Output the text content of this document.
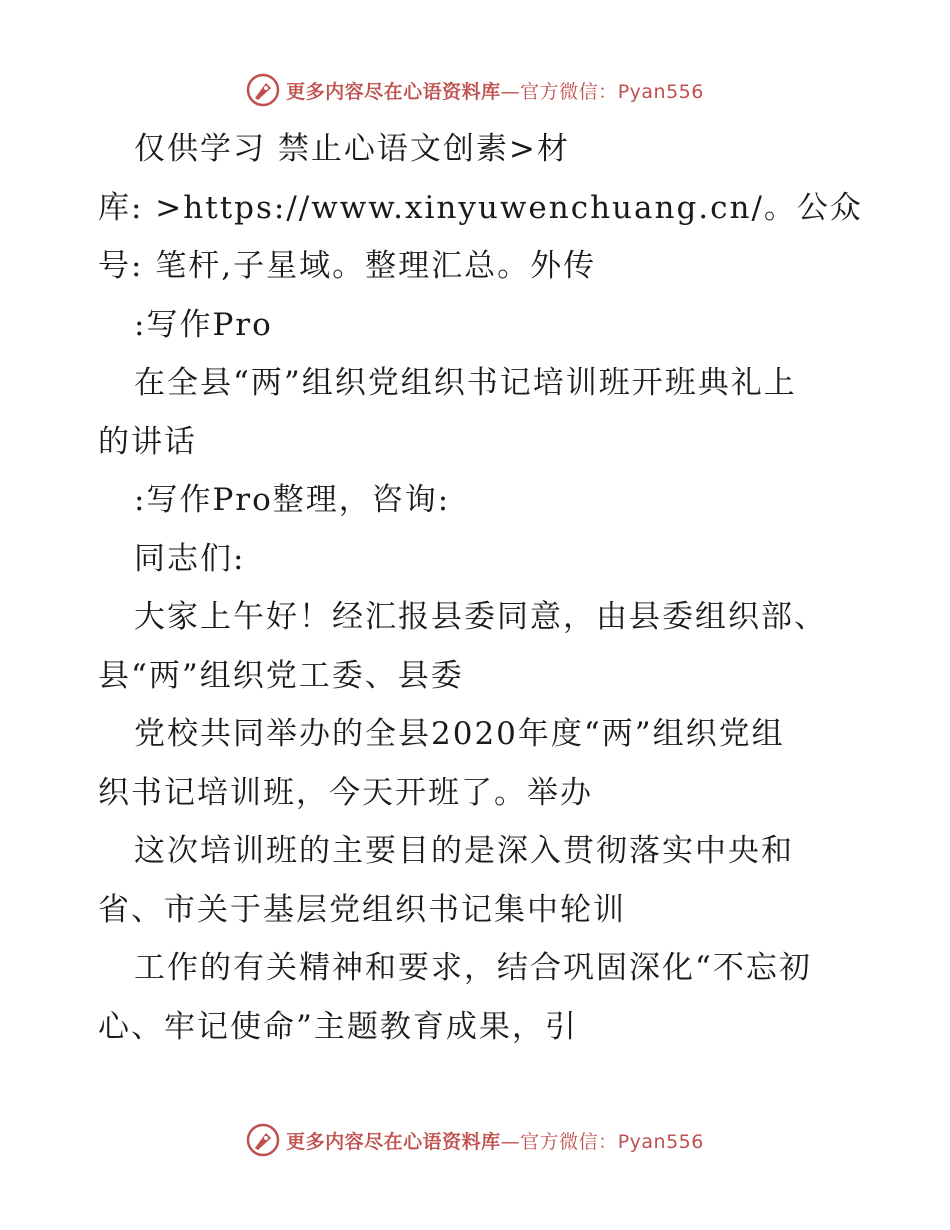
更多内容尽在心语资料库—官方微信：Pyan556
仅供学习 禁止心语文创素>材
库: >https://www.xinyuwenchuang.cn/。公众
号: 笔杆,子星域。整理汇总。外传
:写作Pro
在全县“两”组织党组织书记培训班开班典礼上
的讲话
:写作Pro整理，咨询:
同志们:
大家上午好！经汇报县委同意，由县委组织部、
县“两”组织党工委、县委
党校共同举办的全县2020年度“两”组织党组
织书记培训班，今天开班了。举办
这次培训班的主要目的是深入贯彻落实中央和
省、市关于基层党组织书记集中轮训
工作的有关精神和要求，结合巩固深化“不忘初
心、牢记使命”主题教育成果，引
更多内容尽在心语资料库—官方微信：Pyan556
